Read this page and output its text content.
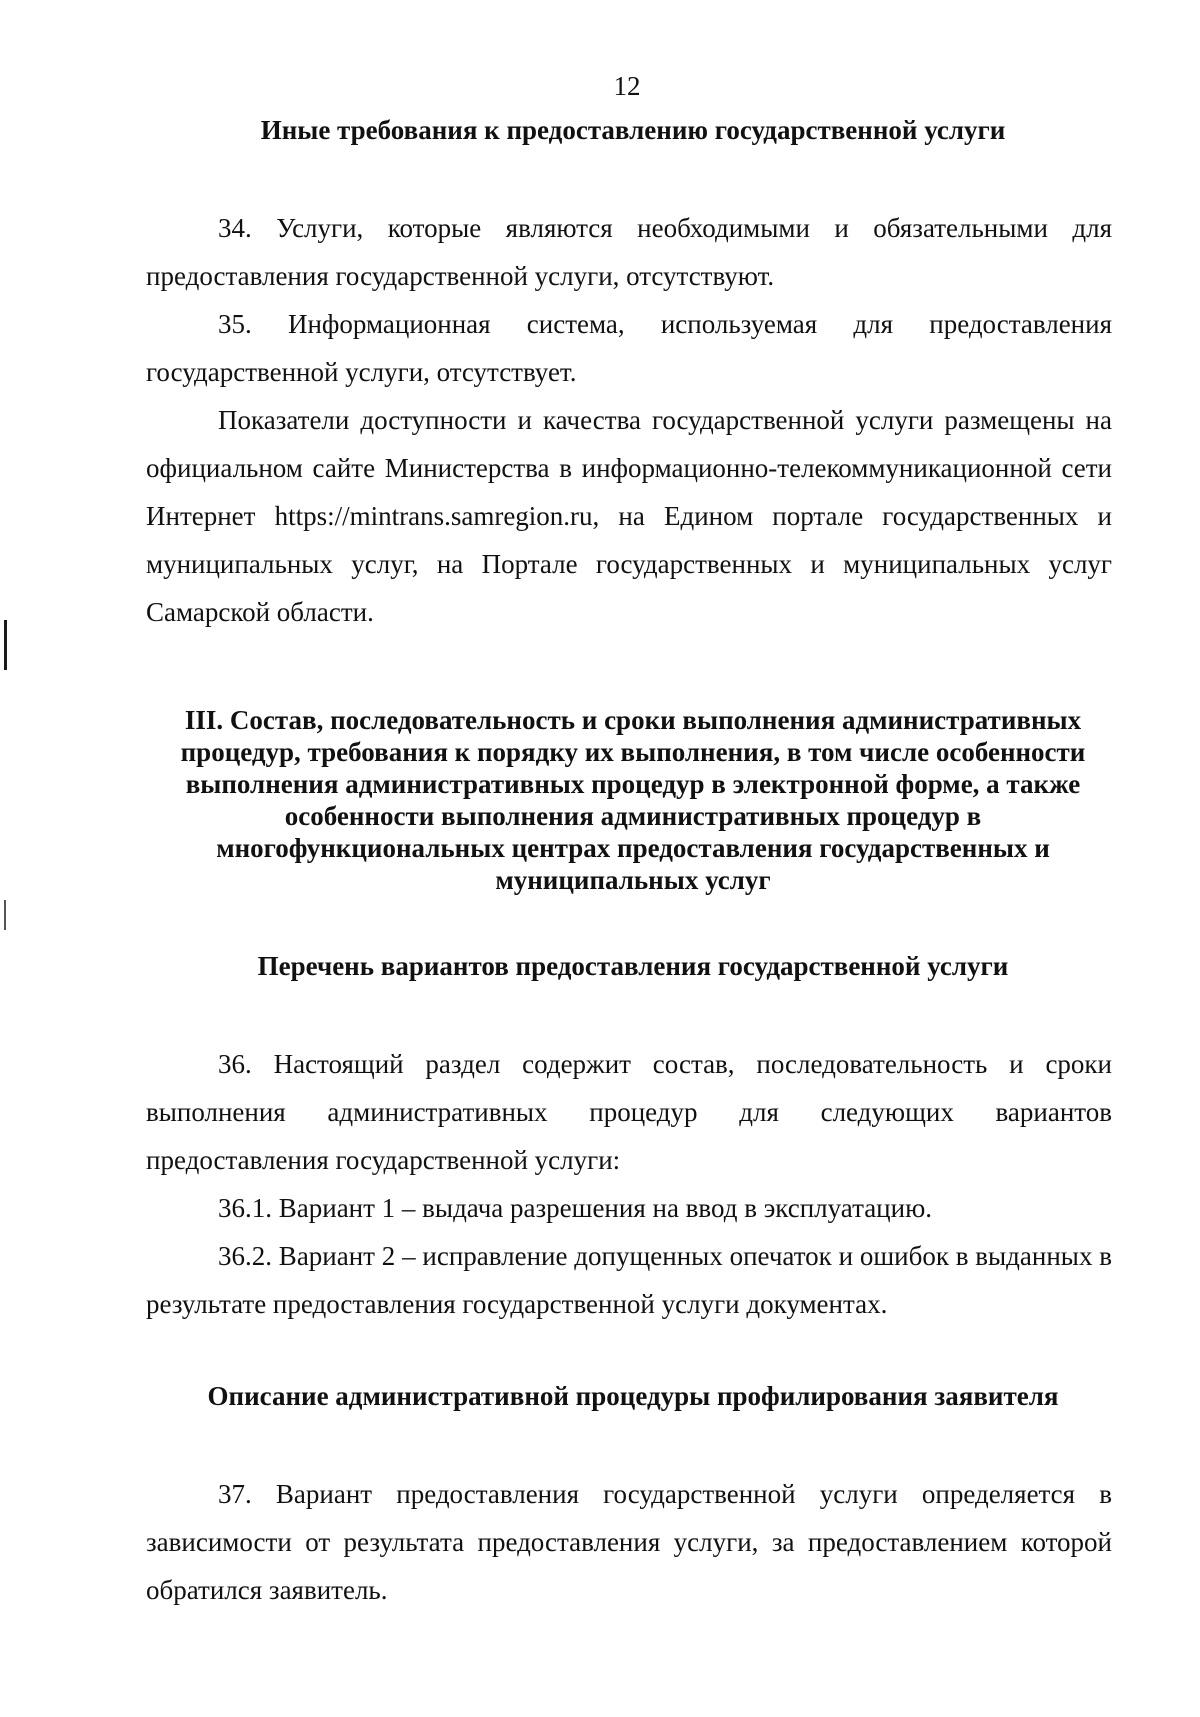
12
Иные требования к предоставлению государственной услуги

34. Услуги, которые являются необходимыми и обязательными для предоставления государственной услуги, отсутствуют.

35. Информационная система, используемая для предоставления государственной услуги, отсутствует.

Показатели доступности и качества государственной услуги размещены на официальном сайте Министерства в информационно-телекоммуникационной сети Интернет https://mintrans.samregion.ru, на Едином портале государственных и муниципальных услуг, на Портале государственных и муниципальных услуг Самарской области.

III. Состав, последовательность и сроки выполнения административных процедур, требования к порядку их выполнения, в том числе особенности выполнения административных процедур в электронной форме, а также особенности выполнения административных процедур в многофункциональных центрах предоставления государственных и муниципальных услуг
Перечень вариантов предоставления государственной услуги

36. Настоящий раздел содержит состав, последовательность и сроки выполнения административных процедур для следующих вариантов предоставления государственной услуги:

36.1. Вариант 1 – выдача разрешения на ввод в эксплуатацию.

36.2. Вариант 2 – исправление допущенных опечаток и ошибок в выданных в результате предоставления государственной услуги документах.

Описание административной процедуры профилирования заявителя

37. Вариант предоставления государственной услуги определяется в зависимости от результата предоставления услуги, за предоставлением которой обратился заявитель.
